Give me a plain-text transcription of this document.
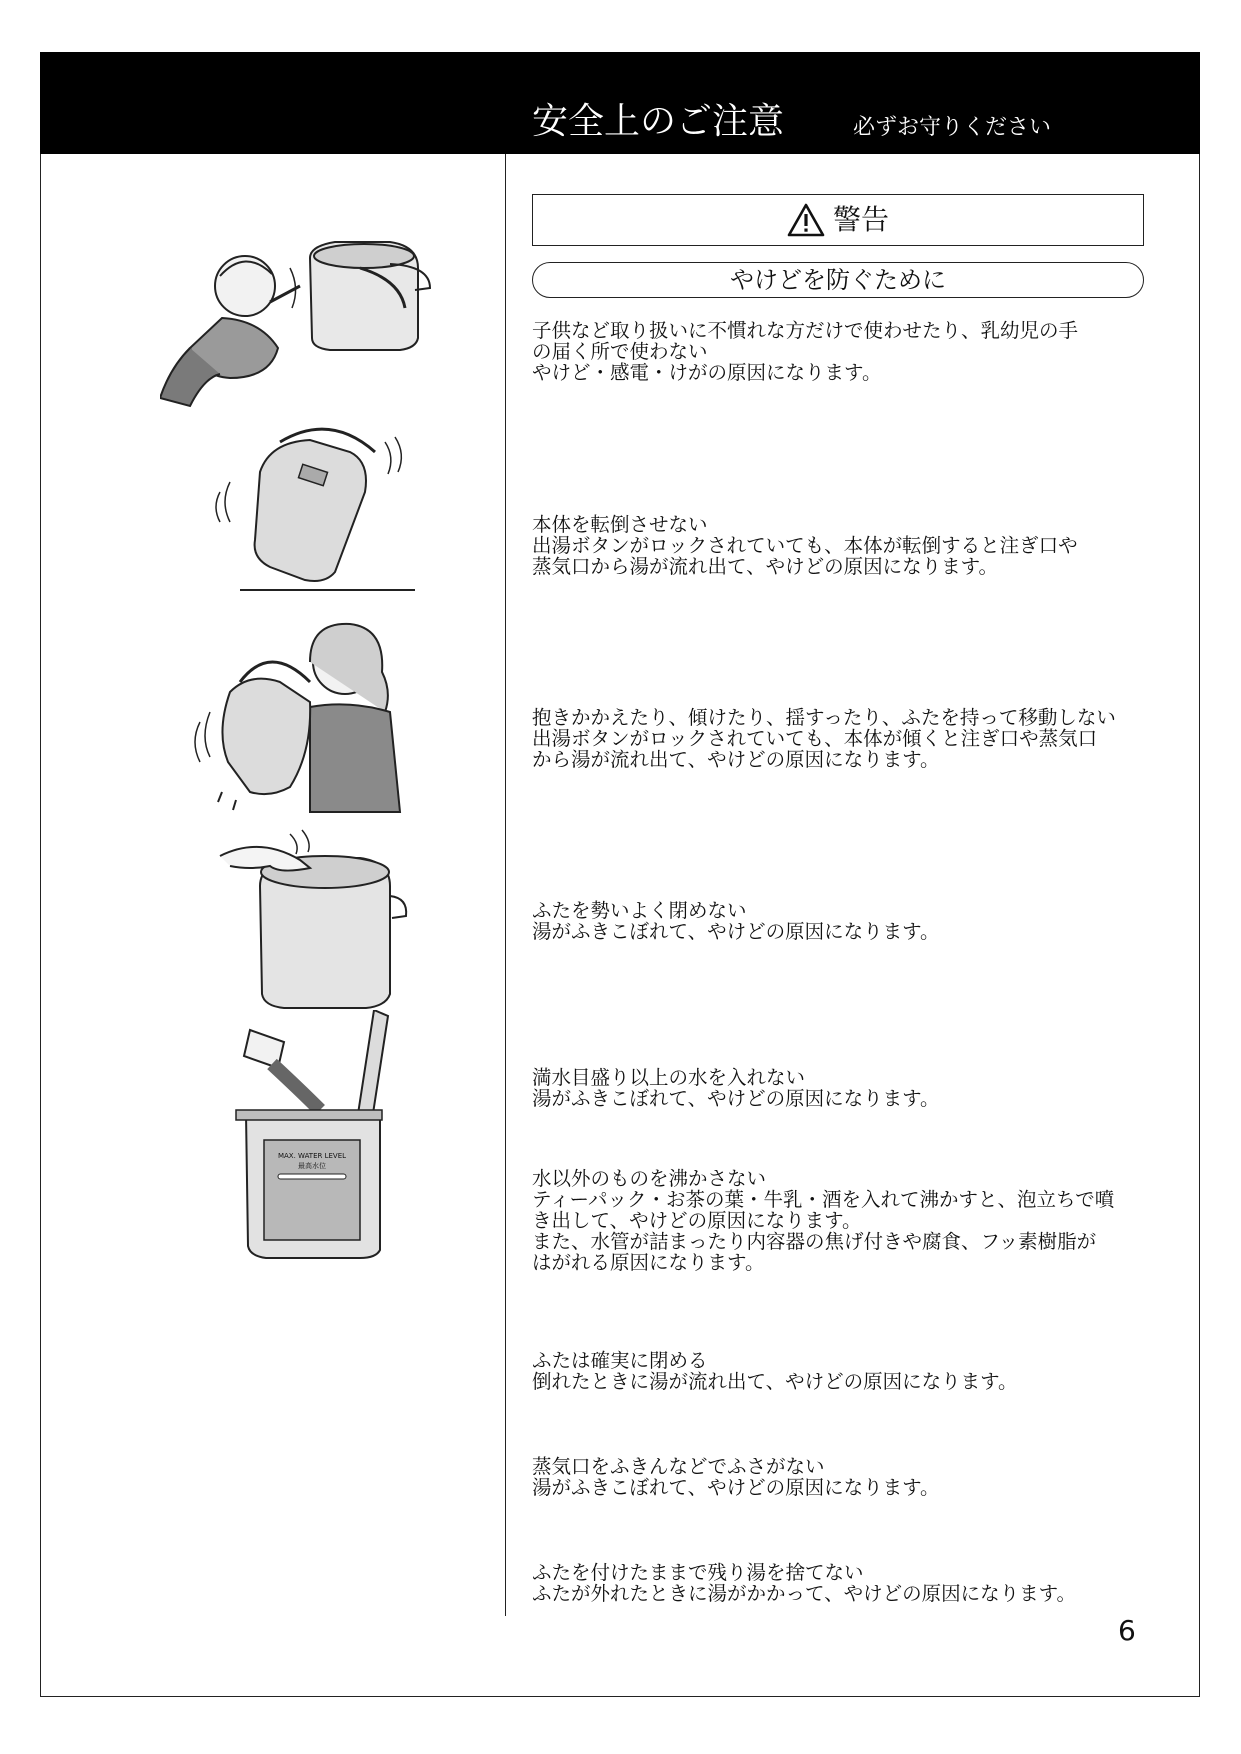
安全上のご注意	必ずお守りください
警告
やけどを防ぐために
子供など取り扱いに不慣れな方だけで使わせたり、乳幼児の手
の届く所で使わない
やけど・感電・けがの原因になります。
本体を転倒させない
出湯ボタンがロックされていても、本体が転倒すると注ぎ口や
蒸気口から湯が流れ出て、やけどの原因になります。
抱きかかえたり、傾けたり、揺すったり、ふたを持って移動しない
出湯ボタンがロックされていても、本体が傾くと注ぎ口や蒸気口
から湯が流れ出て、やけどの原因になります。
ふたを勢いよく閉めない
湯がふきこぼれて、やけどの原因になります。
満水目盛り以上の水を入れない
湯がふきこぼれて、やけどの原因になります。
水以外のものを沸かさない
ティーパック・お茶の葉・牛乳・酒を入れて沸かすと、泡立ちで噴
き出して、やけどの原因になります。
また、水管が詰まったり内容器の焦げ付きや腐食、フッ素樹脂が
はがれる原因になります。
ふたは確実に閉める
倒れたときに湯が流れ出て、やけどの原因になります。
蒸気口をふきんなどでふさがない
湯がふきこぼれて、やけどの原因になります。
ふたを付けたままで残り湯を捨てない
ふたが外れたときに湯がかかって、やけどの原因になります。
6
MAX. WATER LEVEL
最高水位
